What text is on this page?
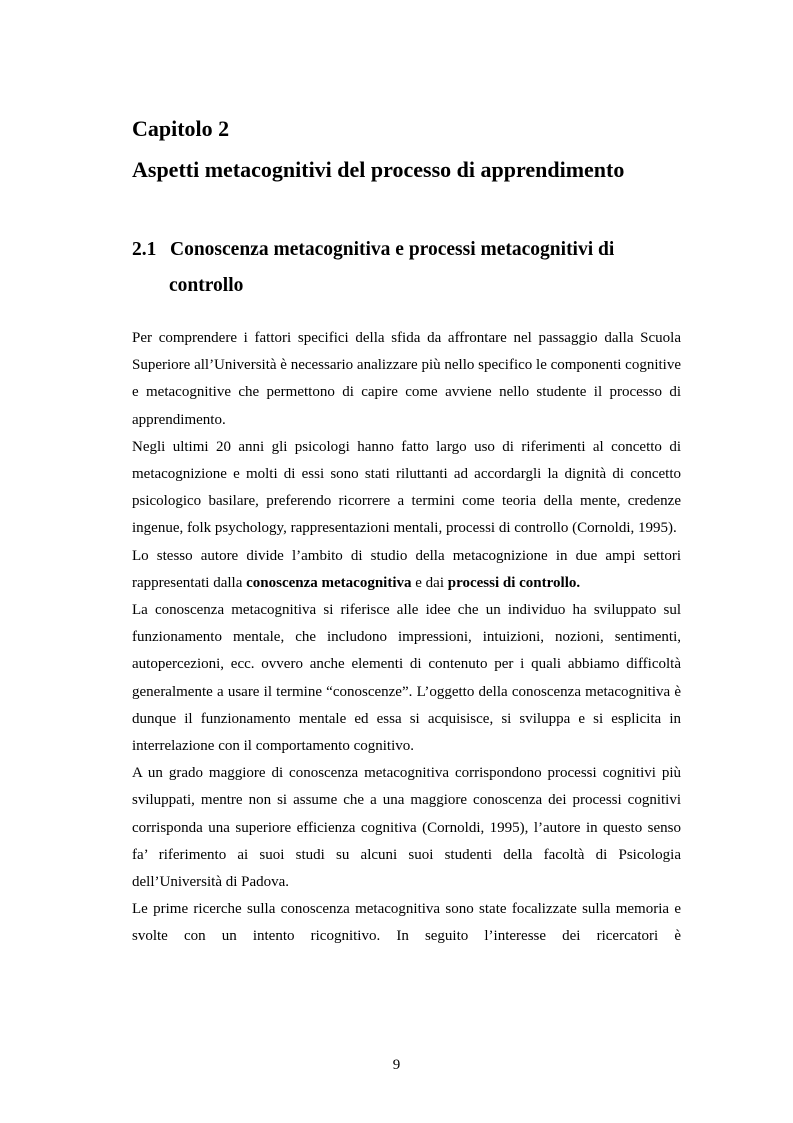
Capitolo 2
Aspetti metacognitivi del processo di apprendimento
2.1 Conoscenza metacognitiva e processi metacognitivi di
controllo

Per comprendere i fattori specifici della sfida da affrontare nel passaggio dalla Scuola Superiore all’Università è necessario analizzare più nello specifico le componenti cognitive e metacognitive che permettono di capire come avviene nello studente il processo di apprendimento.

Negli ultimi 20 anni gli psicologi hanno fatto largo uso di riferimenti al concetto di metacognizione e molti di essi sono stati riluttanti ad accordargli la dignità di concetto psicologico basilare, preferendo ricorrere a termini come teoria della mente, credenze ingenue, folk psychology, rappresentazioni mentali, processi di controllo (Cornoldi, 1995).

Lo stesso autore divide l’ambito di studio della metacognizione in due ampi settori rappresentati dalla conoscenza metacognitiva e dai processi di controllo.

La conoscenza metacognitiva si riferisce alle idee che un individuo ha sviluppato sul funzionamento mentale, che includono impressioni, intuizioni, nozioni, sentimenti, autopercezioni, ecc. ovvero anche elementi di contenuto per i quali abbiamo difficoltà generalmente a usare il termine “conoscenze”. L’oggetto della conoscenza metacognitiva è dunque il funzionamento mentale ed essa si acquisisce, si sviluppa e si esplicita in interrelazione con il comportamento cognitivo.

A un grado maggiore di conoscenza metacognitiva corrispondono processi cognitivi più sviluppati, mentre non si assume che a una maggiore conoscenza dei processi cognitivi corrisponda una superiore efficienza cognitiva (Cornoldi, 1995), l’autore in questo senso fa’ riferimento ai suoi studi su alcuni suoi studenti della facoltà di Psicologia dell’Università di Padova.

Le prime ricerche sulla conoscenza metacognitiva sono state focalizzate sulla memoria e svolte con un intento ricognitivo. In seguito l’interesse dei ricercatori è

9
